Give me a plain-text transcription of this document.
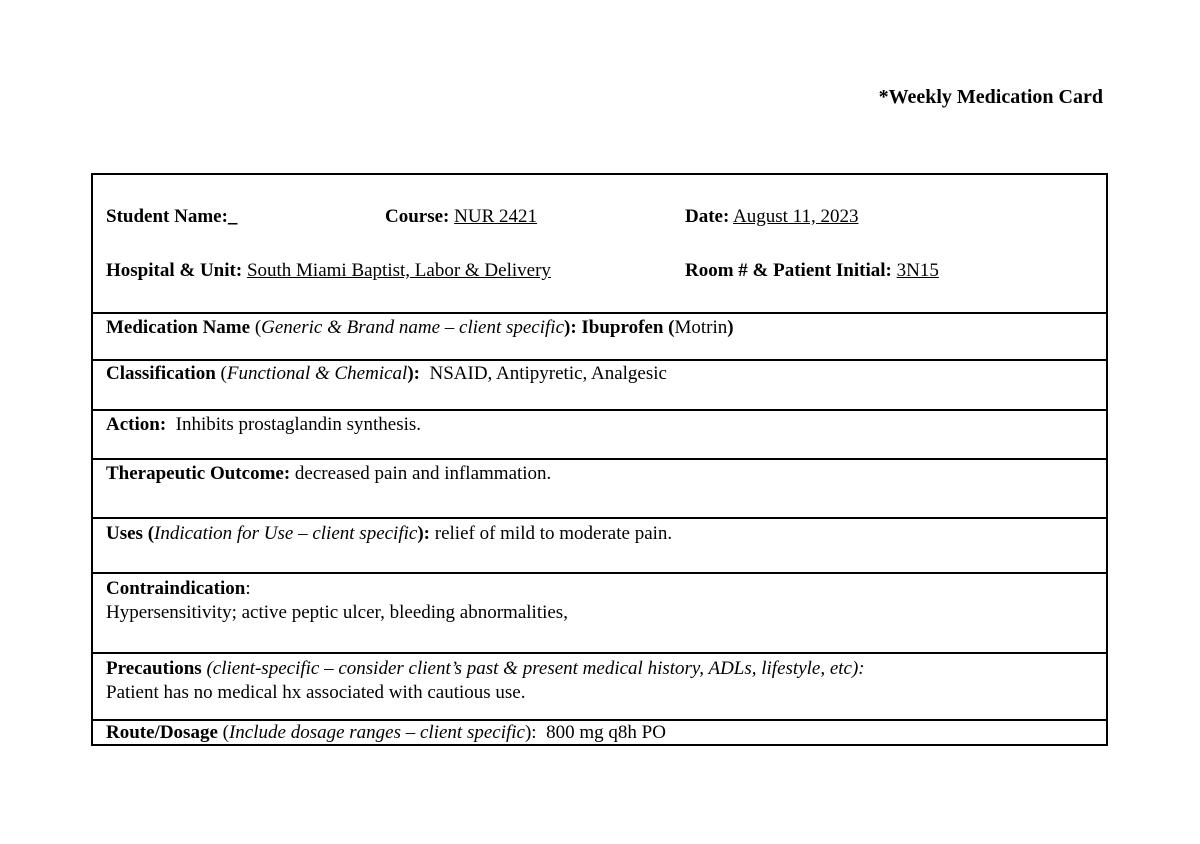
*Weekly Medication Card
Student Name:_	Course: NUR 2421	Date: August 11, 2023
Hospital & Unit: South Miami Baptist, Labor & Delivery	Room # & Patient Initial: 3N15
Medication Name (Generic & Brand name – client specific): Ibuprofen (Motrin)
Classification (Functional & Chemical):  NSAID, Antipyretic, Analgesic
Action:  Inhibits prostaglandin synthesis.
Therapeutic Outcome: decreased pain and inflammation.
Uses (Indication for Use – client specific): relief of mild to moderate pain.
Contraindication:
Hypersensitivity; active peptic ulcer, bleeding abnormalities,
Precautions (client-specific – consider client’s past & present medical history, ADLs, lifestyle, etc):
Patient has no medical hx associated with cautious use.
Route/Dosage (Include dosage ranges – client specific):  800 mg q8h PO
